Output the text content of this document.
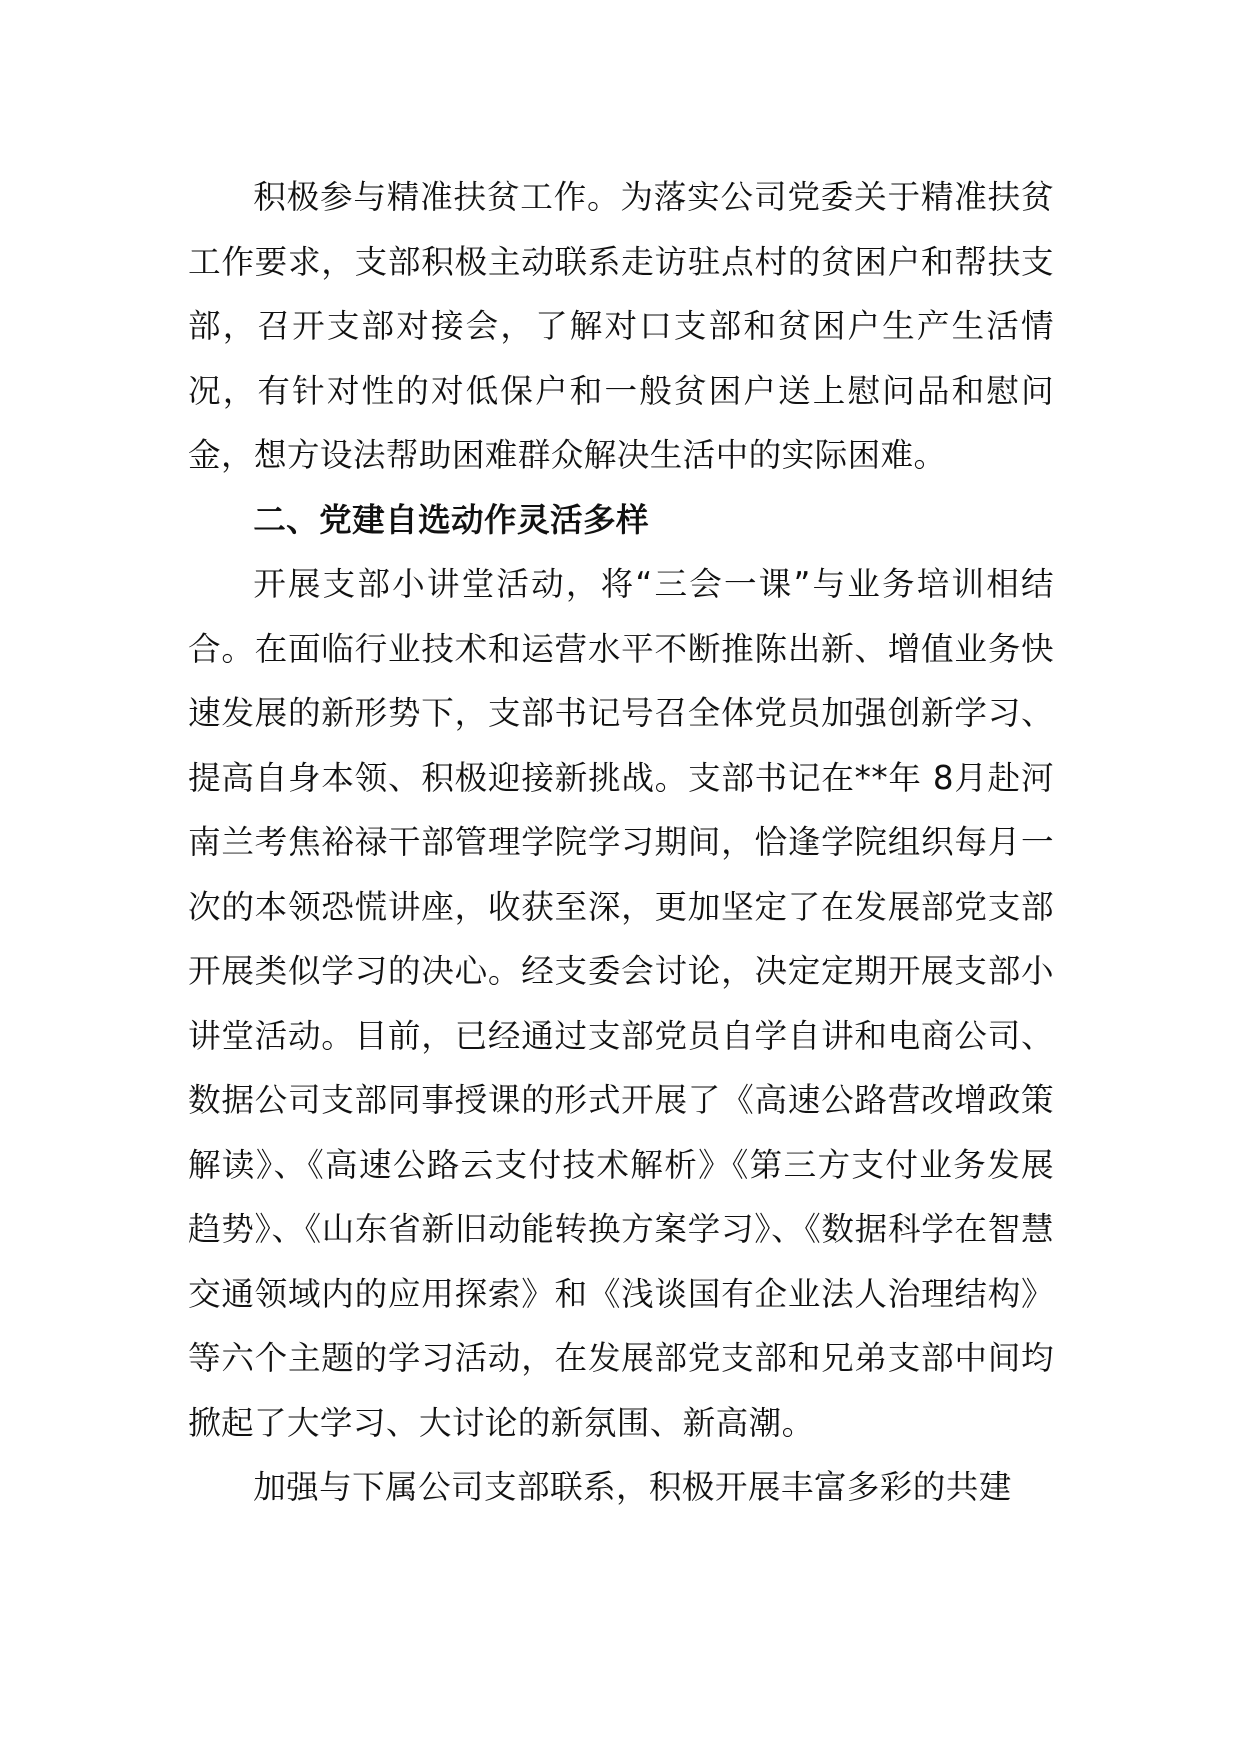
积极参与精准扶贫工作。为落实公司党委关于精准扶贫工作要求，支部积极主动联系走访驻点村的贫困户和帮扶支部，召开支部对接会，了解对口支部和贫困户生产生活情况，有针对性的对低保户和一般贫困户送上慰问品和慰问金，想方设法帮助困难群众解决生活中的实际困难。

二、党建自选动作灵活多样

开展支部小讲堂活动，将“三会一课”与业务培训相结合。在面临行业技术和运营水平不断推陈出新、增值业务快速发展的新形势下，支部书记号召全体党员加强创新学习、提高自身本领、积极迎接新挑战。支部书记在**年 8月赴河南兰考焦裕禄干部管理学院学习期间，恰逢学院组织每月一次的本领恐慌讲座，收获至深，更加坚定了在发展部党支部开展类似学习的决心。经支委会讨论，决定定期开展支部小讲堂活动。目前，已经通过支部党员自学自讲和电商公司、数据公司支部同事授课的形式开展了《高速公路营改增政策解读》、《高速公路云支付技术解析》《第三方支付业务发展趋势》、《山东省新旧动能转换方案学习》、《数据科学在智慧交通领域内的应用探索》和《浅谈国有企业法人治理结构》等六个主题的学习活动，在发展部党支部和兄弟支部中间均掀起了大学习、大讨论的新氛围、新高潮。

加强与下属公司支部联系，积极开展丰富多彩的共建
